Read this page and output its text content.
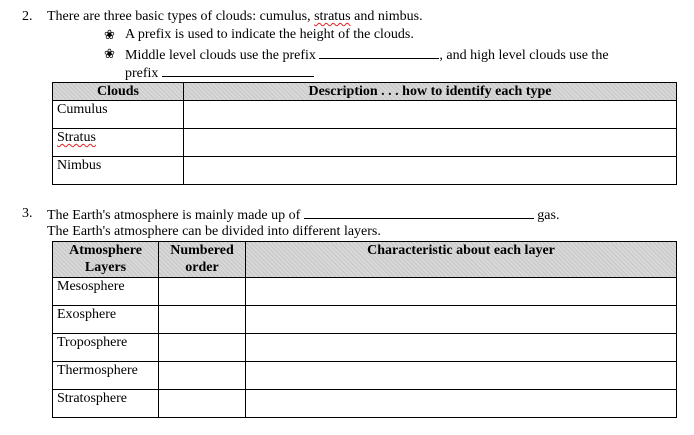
2. There are three basic types of clouds: cumulus, stratus and nimbus.
❀ A prefix is used to indicate the height of the clouds.
❀ Middle level clouds use the prefix	, and high level clouds use the
prefix
Clouds	Description . . . how to identify each type
Cumulus	
Stratus	
Nimbus	
3. The Earth's atmosphere is mainly made up of	gas.
The Earth's atmosphere can be divided into different layers.
Atmosphere Layers	Numbered order	Characteristic about each layer
Mesosphere		
Exosphere		
Troposphere		
Thermosphere		
Stratosphere		
